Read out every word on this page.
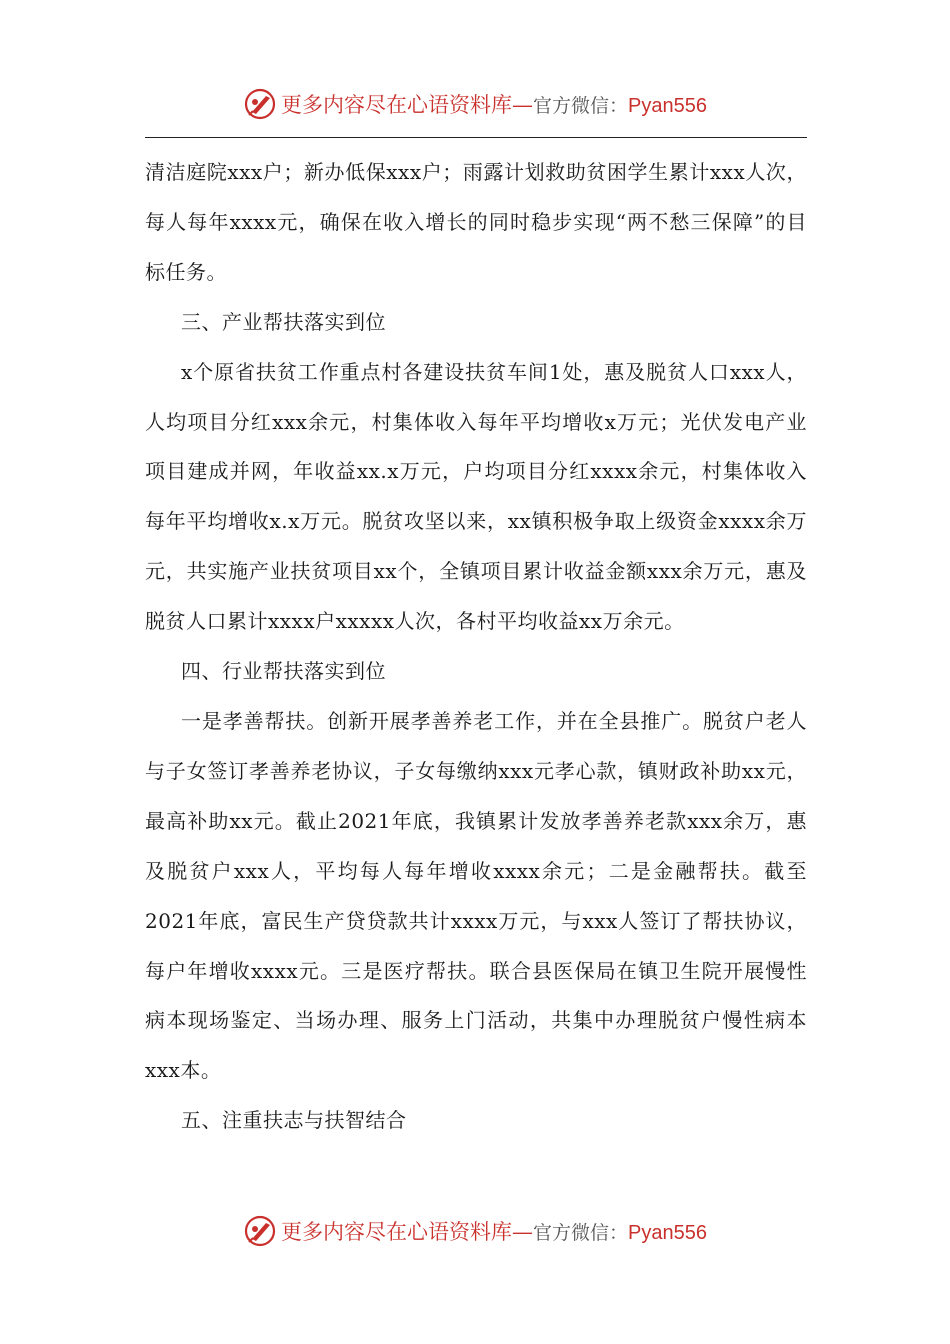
更多内容尽在心语资料库—官方微信：Pyan556

清洁庭院xxx户；新办低保xxx户；雨露计划救助贫困学生累计xxx人次，每人每年xxxx元，确保在收入增长的同时稳步实现“两不愁三保障”的目标任务。

三、产业帮扶落实到位

x个原省扶贫工作重点村各建设扶贫车间1处，惠及脱贫人口xxx人，人均项目分红xxx余元，村集体收入每年平均增收x万元；光伏发电产业项目建成并网，年收益xx.x万元，户均项目分红xxxx余元，村集体收入每年平均增收x.x万元。脱贫攻坚以来，xx镇积极争取上级资金xxxx余万元，共实施产业扶贫项目xx个，全镇项目累计收益金额xxx余万元，惠及脱贫人口累计xxxx户xxxxx人次，各村平均收益xx万余元。

四、行业帮扶落实到位

一是孝善帮扶。创新开展孝善养老工作，并在全县推广。脱贫户老人与子女签订孝善养老协议，子女每缴纳xxx元孝心款，镇财政补助xx元，最高补助xx元。截止2021年底，我镇累计发放孝善养老款xxx余万，惠及脱贫户xxx人，平均每人每年增收xxxx余元；二是金融帮扶。截至2021年底，富民生产贷贷款共计xxxx万元，与xxx人签订了帮扶协议，每户年增收xxxx元。三是医疗帮扶。联合县医保局在镇卫生院开展慢性病本现场鉴定、当场办理、服务上门活动，共集中办理脱贫户慢性病本xxx本。

五、注重扶志与扶智结合

更多内容尽在心语资料库—官方微信：Pyan556
